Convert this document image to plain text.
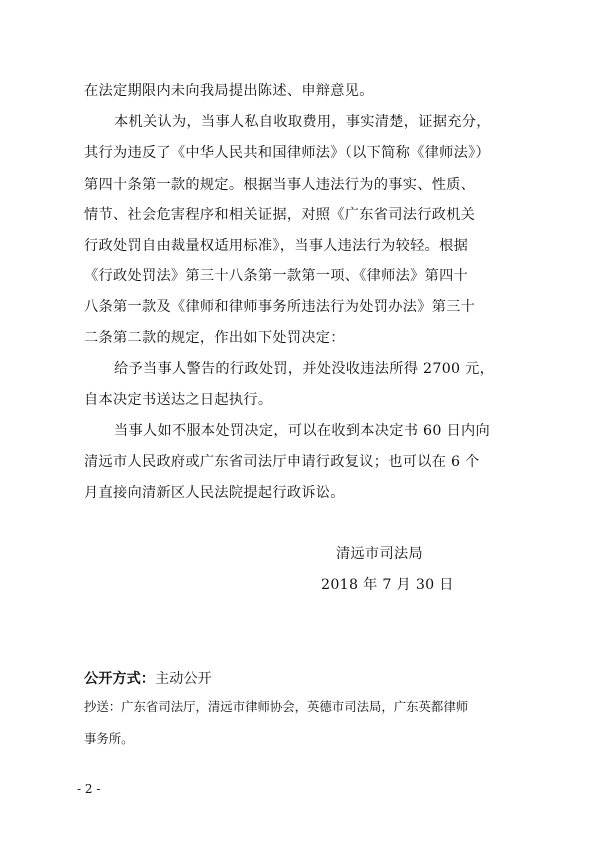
在法定期限内未向我局提出陈述、申辩意见。
本机关认为，当事人私自收取费用，事实清楚，证据充分，
其行为违反了《中华人民共和国律师法》（以下简称《律师法》）
第四十条第一款的规定。根据当事人违法行为的事实、性质、
情节、社会危害程序和相关证据，对照《广东省司法行政机关
行政处罚自由裁量权适用标准》，当事人违法行为较轻。根据
《行政处罚法》第三十八条第一款第一项、《律师法》第四十
八条第一款及《律师和律师事务所违法行为处罚办法》第三十
二条第二款的规定，作出如下处罚决定：
给予当事人警告的行政处罚，并处没收违法所得 2700 元，
自本决定书送达之日起执行。
当事人如不服本处罚决定，可以在收到本决定书 60 日内向
清远市人民政府或广东省司法厅申请行政复议；也可以在 6 个
月直接向清新区人民法院提起行政诉讼。
清远市司法局
2018 年 7 月 30 日
公开方式：主动公开
抄送：广东省司法厅，清远市律师协会，英德市司法局，广东英都律师
事务所。
- 2 -
